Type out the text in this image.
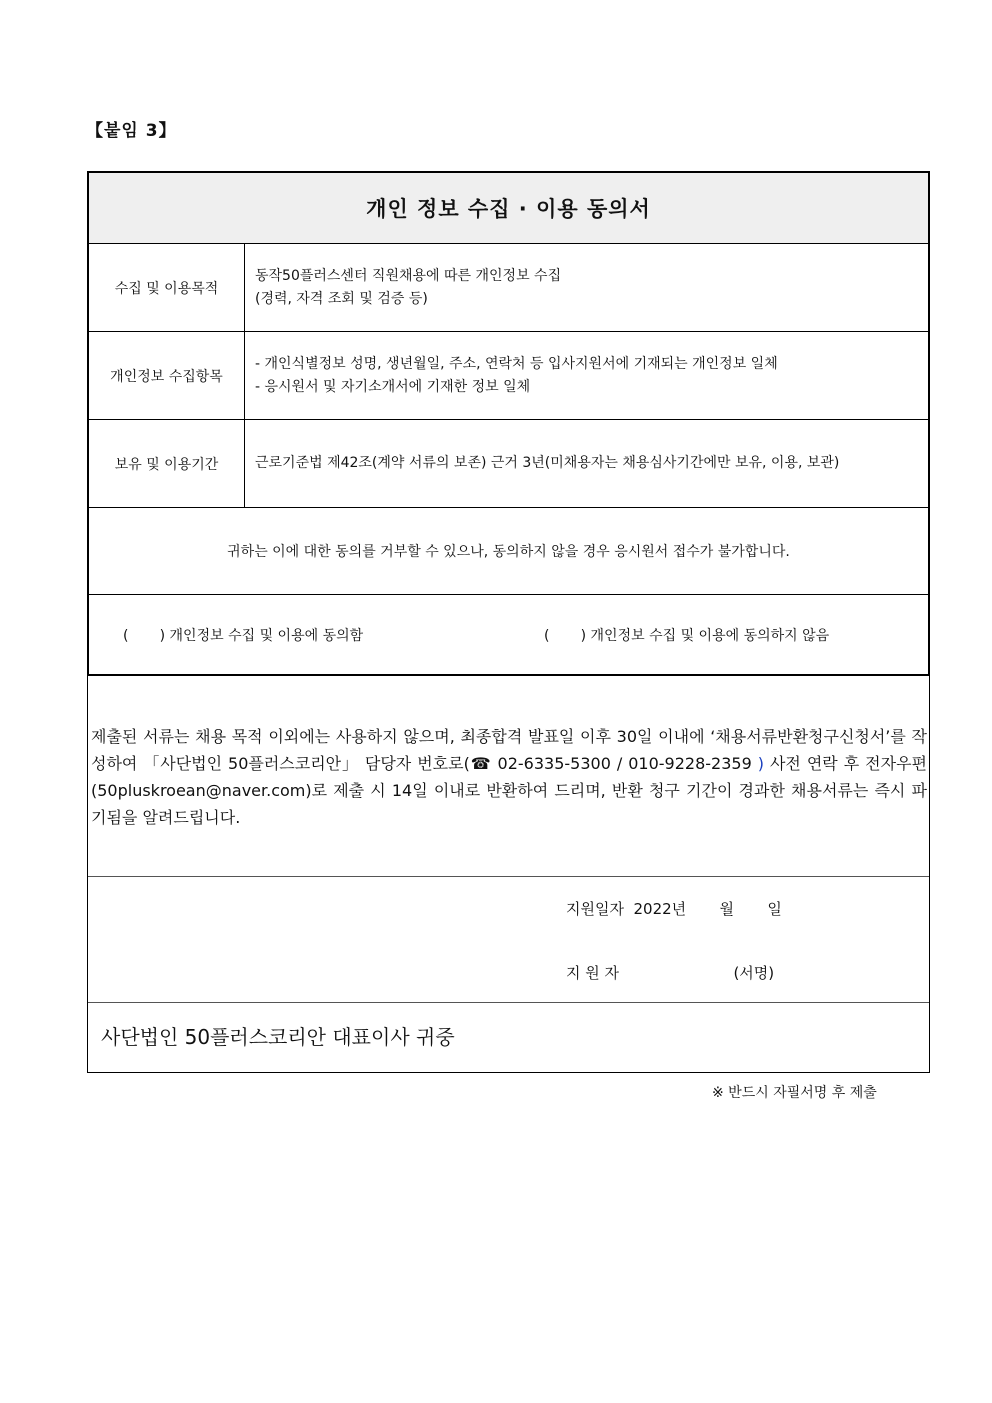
【붙임 3】
개인 정보 수집 · 이용 동의서
수집 및 이용목적
동작50플러스센터 직원채용에 따른 개인정보 수집
(경력, 자격 조회 및 검증 등)
개인정보 수집항목
- 개인식별정보 성명, 생년월일, 주소, 연락처 등 입사지원서에 기재되는 개인정보 일체
- 응시원서 및 자기소개서에 기재한 정보 일체
보유 및 이용기간	근로기준법 제42조(계약 서류의 보존) 근거 3년(미채용자는 채용심사기간에만 보유, 이용, 보관)
귀하는 이에 대한 동의를 거부할 수 있으나, 동의하지 않을 경우 응시원서 접수가 불가합니다.
(       ) 개인정보 수집 및 이용에 동의함	(       ) 개인정보 수집 및 이용에 동의하지 않음
제출된 서류는 채용 목적 이외에는 사용하지 않으며, 최종합격 발표일 이후 30일 이내에 ‘채용서류반환청구신청서’를 작성하여 「사단법인 50플러스코리안」 담당자 번호로(☎ 02-6335-5300 / 010-9228-2359 ) 사전 연락 후 전자우편(50pluskroean@naver.com)로 제출 시 14일 이내로 반환하여 드리며, 반환 청구 기간이 경과한 채용서류는 즉시 파기됨을 알려드립니다.
지원일자  2022년       월       일
지 원 자                        (서명)
사단법인 50플러스코리안 대표이사 귀중
※ 반드시 자필서명 후 제출
